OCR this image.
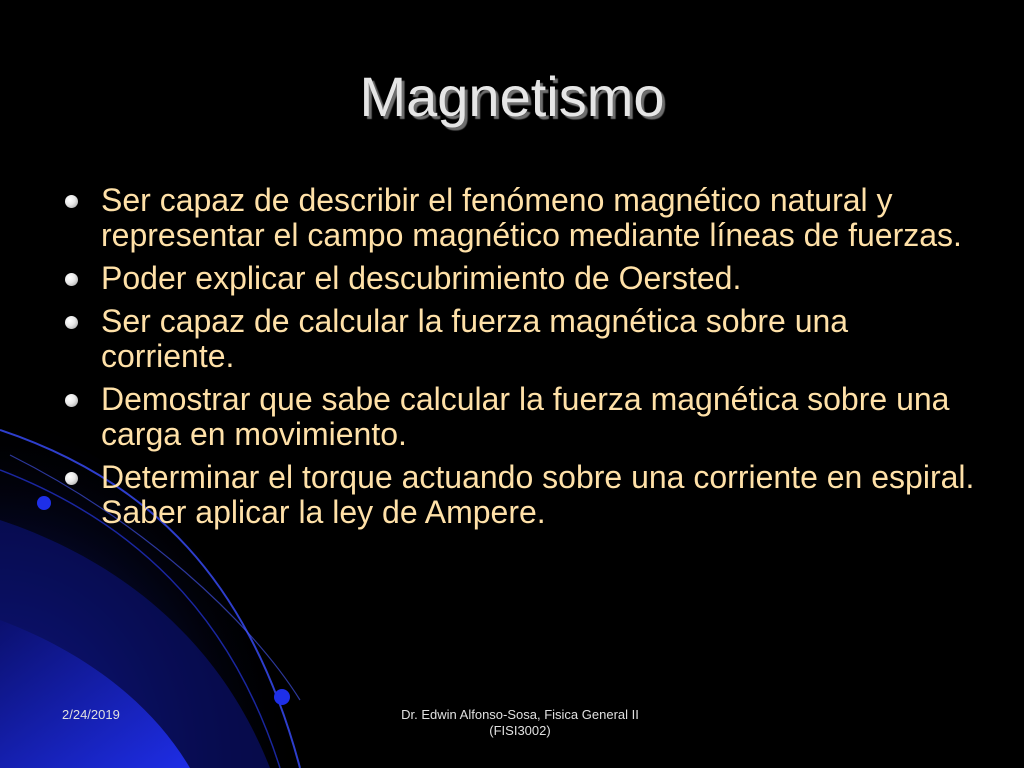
Magnetismo
Ser capaz de describir el fenómeno magnético natural y representar el campo magnético mediante líneas de fuerzas.
Poder explicar el descubrimiento de Oersted.
Ser capaz de calcular la fuerza magnética sobre una corriente.
Demostrar que sabe calcular la fuerza magnética sobre una carga en movimiento.
Determinar el torque actuando sobre una corriente en espiral. Saber aplicar la ley de Ampere.
2/24/2019	Dr. Edwin Alfonso-Sosa, Fisica General II
(FISI3002)
